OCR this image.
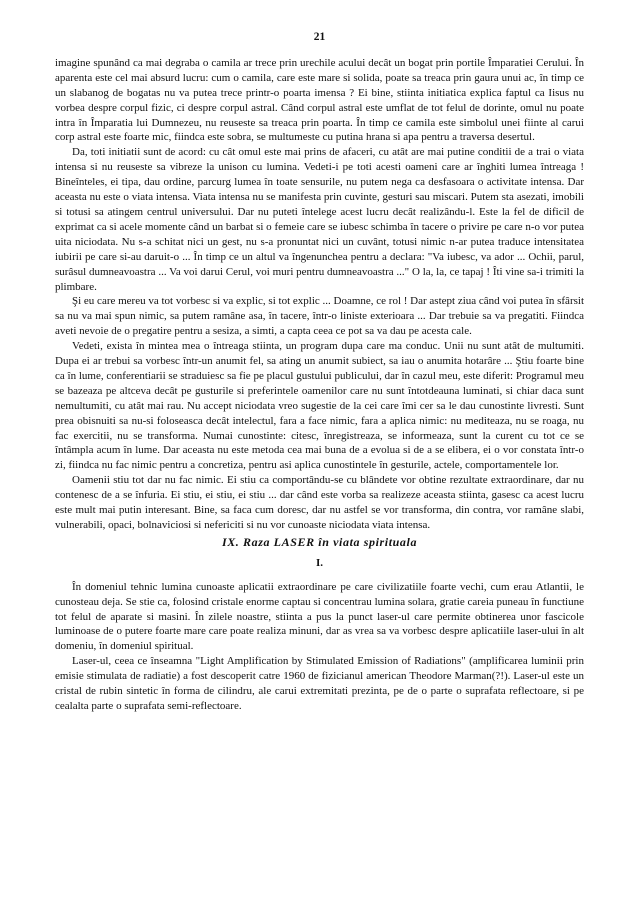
21

imagine spunând ca mai degraba o camila ar trece prin urechile acului decât un bogat prin portile Împaratiei Cerului. În aparenta este cel mai absurd lucru: cum o camila, care este mare si solida, poate sa treaca prin gaura unui ac, în timp ce un slabanog de bogatas nu va putea trece printr-o poarta imensa ? Ei bine, stiinta initiatica explica faptul ca Iisus nu vorbea despre corpul fizic, ci despre corpul astral. Când corpul astral este umflat de tot felul de dorinte, omul nu poate intra în Împaratia lui Dumnezeu, nu reuseste sa treaca prin poarta. În timp ce camila este simbolul unei fiinte al carui corp astral este foarte mic, fiindca este sobra, se multumeste cu putina hrana si apa pentru a traversa desertul.

Da, toti initiatii sunt de acord: cu cât omul este mai prins de afaceri, cu atât are mai putine conditii de a trai o viata intensa si nu reuseste sa vibreze la unison cu lumina. Vedeti-i pe toti acesti oameni care ar înghiti lumea întreaga ! Bineînteles, ei tipa, dau ordine, parcurg lumea în toate sensurile, nu putem nega ca desfasoara o activitate intensa. Dar aceasta nu este o viata intensa. Viata intensa nu se manifesta prin cuvinte, gesturi sau miscari. Putem sta asezati, imobili si totusi sa atingem centrul universului. Dar nu puteti întelege acest lucru decât realizându-l. Este la fel de dificil de exprimat ca si acele momente când un barbat si o femeie care se iubesc schimba în tacere o privire pe care n-o vor putea uita niciodata. Nu s-a schitat nici un gest, nu s-a pronuntat nici un cuvânt, totusi nimic n-ar putea traduce intensitatea iubirii pe care si-au daruit-o ... În timp ce un altul va îngenunchea pentru a declara: "Va iubesc, va ador ... Ochii, parul, surâsul dumneavoastra ... Va voi darui Cerul, voi muri pentru dumneavoastra ..." O la, la, ce tapaj ! Îti vine sa-i trimiti la plimbare.

Şi eu care mereu va tot vorbesc si va explic, si tot explic ... Doamne, ce rol ! Dar astept ziua când voi putea în sfârsit sa nu va mai spun nimic, sa putem ramâne asa, în tacere, într-o liniste exterioara ... Dar trebuie sa va pregatiti. Fiindca aveti nevoie de o pregatire pentru a sesiza, a simti, a capta ceea ce pot sa va dau pe acesta cale.

Vedeti, exista în mintea mea o întreaga stiinta, un program dupa care ma conduc. Unii nu sunt atât de multumiti. Dupa ei ar trebui sa vorbesc într-un anumit fel, sa ating un anumit subiect, sa iau o anumita hotarâre ... Ştiu foarte bine ca în lume, conferentiarii se straduiesc sa fie pe placul gustului publicului, dar în cazul meu, este diferit: Programul meu se bazeaza pe altceva decât pe gusturile si preferintele oamenilor care nu sunt întotdeauna luminati, si chiar daca sunt nemultumiti, cu atât mai rau. Nu accept niciodata vreo sugestie de la cei care îmi cer sa le dau cunostinte livresti. Sunt prea obisnuiti sa nu-si foloseasca decât intelectul, fara a face nimic, fara a aplica nimic: nu mediteaza, nu se roaga, nu fac exercitii, nu se transforma. Numai cunostinte: citesc, înregistreaza, se informeaza, sunt la curent cu tot ce se întâmpla acum în lume. Dar aceasta nu este metoda cea mai buna de a evolua si de a se elibera, ei o vor constata într-o zi, fiindca nu fac nimic pentru a concretiza, pentru asi aplica cunostintele în gesturile, actele, comportamentele lor.

Oamenii stiu tot dar nu fac nimic. Ei stiu ca comportându-se cu blândete vor obtine rezultate extraordinare, dar nu contenesc de a se înfuria. Ei stiu, ei stiu, ei stiu ... dar când este vorba sa realizeze aceasta stiinta, gasesc ca acest lucru este mult mai putin interesant. Bine, sa faca cum doresc, dar nu astfel se vor transforma, din contra, vor ramâne slabi, vulnerabili, opaci, bolnaviciosi si nefericiti si nu vor cunoaste niciodata viata intensa.

IX. Raza LASER în viata spirituala
I.

În domeniul tehnic lumina cunoaste aplicatii extraordinare pe care civilizatiile foarte vechi, cum erau Atlantii, le cunosteau deja. Se stie ca, folosind cristale enorme captau si concentrau lumina solara, gratie careia puneau în functiune tot felul de aparate si masini. În zilele noastre, stiinta a pus la punct laser-ul care permite obtinerea unor fascicole luminoase de o putere foarte mare care poate realiza minuni, dar as vrea sa va vorbesc despre aplicatiile laser-ului în alt domeniu, în domeniul spiritual.

Laser-ul, ceea ce înseamna "Light Amplification by Stimulated Emission of Radiations" (amplificarea luminii prin emisie stimulata de radiatie) a fost descoperit catre 1960 de fizicianul american Theodore Marman(?!). Laser-ul este un cristal de rubin sintetic în forma de cilindru, ale carui extremitati prezinta, pe de o parte o suprafata reflectoare, si pe cealalta parte o suprafata semi-reflectoare.
